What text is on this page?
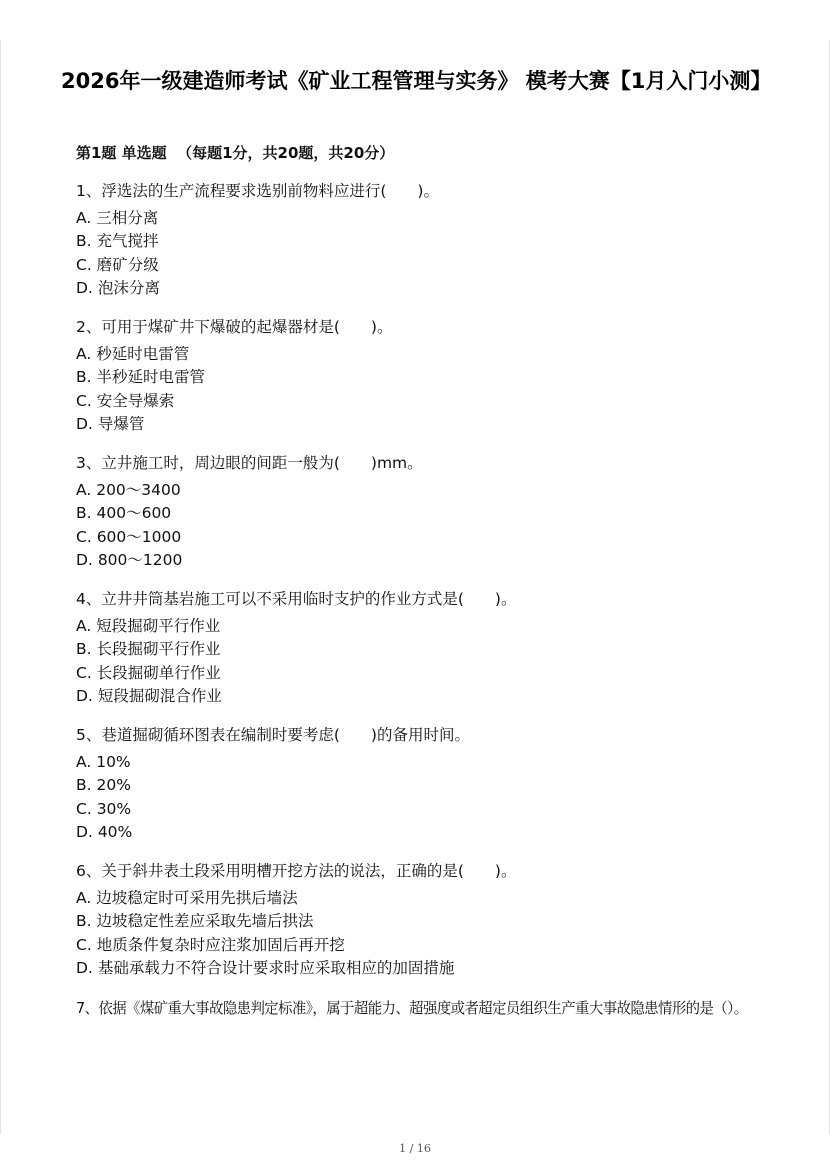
2026年一级建造师考试《矿业工程管理与实务》 模考大赛【1月入门小测】
第1题 单选题  （每题1分，共20题，共20分）
1、浮选法的生产流程要求选别前物料应进行(　　)。
A. 三相分离
B. 充气搅拌
C. 磨矿分级
D. 泡沫分离
2、可用于煤矿井下爆破的起爆器材是(　　)。
A. 秒延时电雷管
B. 半秒延时电雷管
C. 安全导爆索
D. 导爆管
3、立井施工时，周边眼的间距一般为(　　)mm。
A. 200～3400
B. 400～600
C. 600～1000
D. 800～1200
4、立井井筒基岩施工可以不采用临时支护的作业方式是(　　)。
A. 短段掘砌平行作业
B. 长段掘砌平行作业
C. 长段掘砌单行作业
D. 短段掘砌混合作业
5、巷道掘砌循环图表在编制时要考虑(　　)的备用时间。
A. 10%
B. 20%
C. 30%
D. 40%
6、关于斜井表土段采用明槽开挖方法的说法，正确的是(　　)。
A. 边坡稳定时可采用先拱后墙法
B. 边坡稳定性差应采取先墙后拱法
C. 地质条件复杂时应注浆加固后再开挖
D. 基础承载力不符合设计要求时应采取相应的加固措施
7、依据《煤矿重大事故隐患判定标准》，属于超能力、超强度或者超定员组织生产重大事故隐患情形的是（）。
1 / 16
